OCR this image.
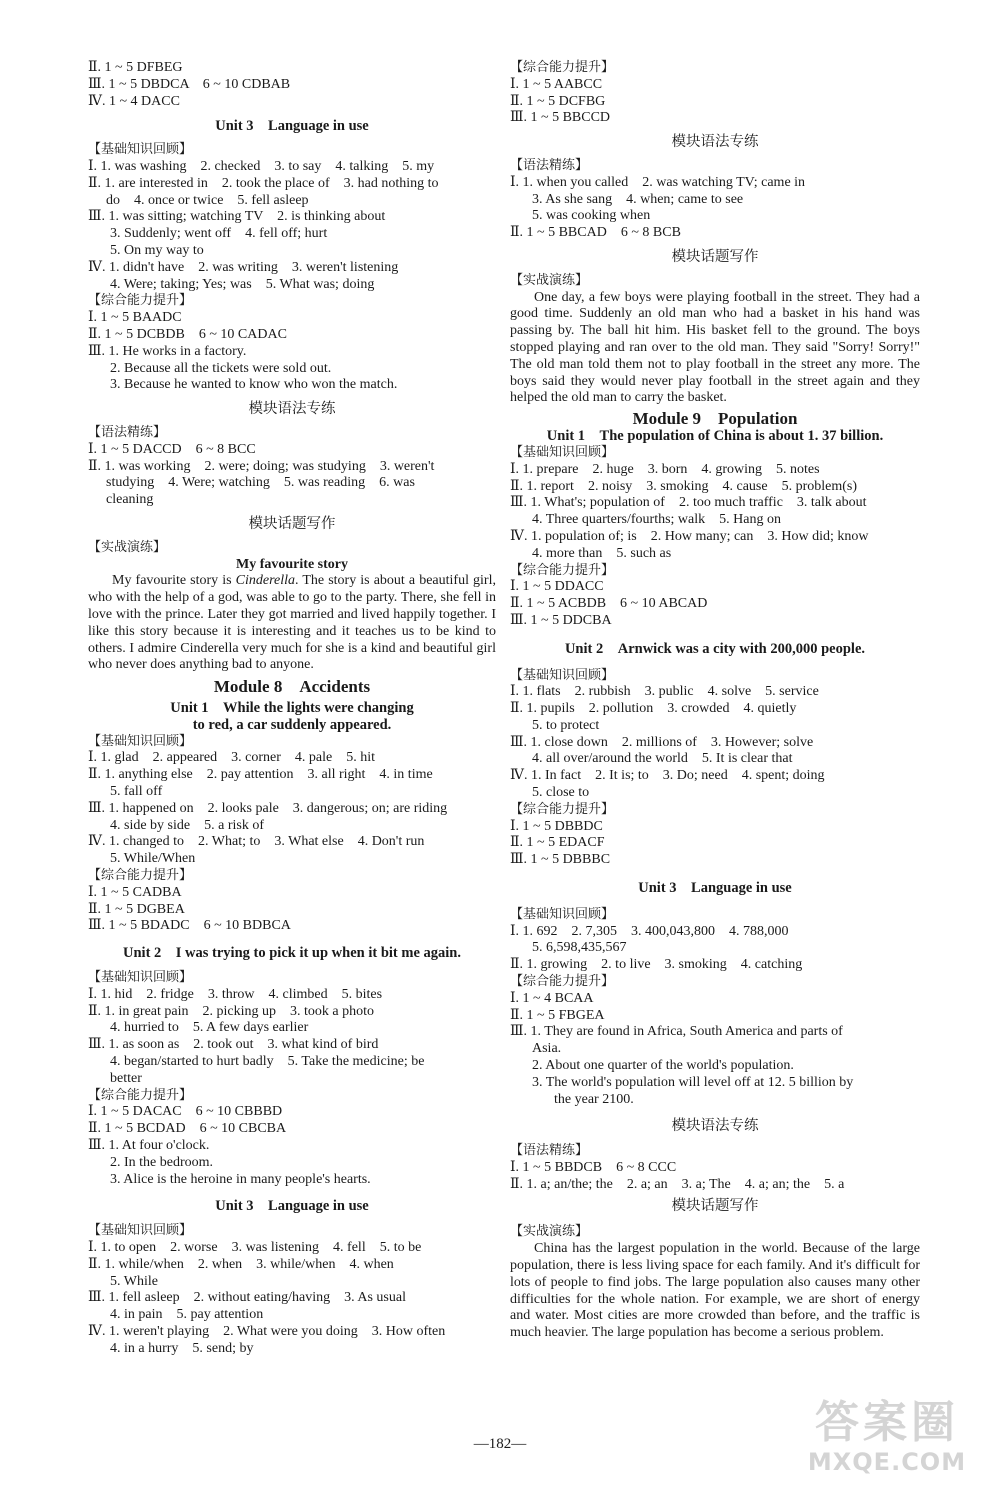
Ⅱ. 1 ~ 5 DFBEG
Ⅲ. 1 ~ 5 DBDCA　6 ~ 10 CDBAB
Ⅳ. 1 ~ 4 DACC
Unit 3　Language in use
【基础知识回顾】
Ⅰ. 1. was washing　2. checked　3. to say　4. talking　5. my
Ⅱ. 1. are interested in　2. took the place of　3. had nothing to
do　4. once or twice　5. fell asleep
Ⅲ. 1. was sitting; watching TV　2. is thinking about
3. Suddenly; went off　4. fell off; hurt
5. On my way to
Ⅳ. 1. didn't have　2. was writing　3. weren't listening
4. Were; taking; Yes; was　5. What was; doing
【综合能力提升】
Ⅰ. 1 ~ 5 BAADC
Ⅱ. 1 ~ 5 DCBDB　6 ~ 10 CADAC
Ⅲ. 1. He works in a factory.
2. Because all the tickets were sold out.
3. Because he wanted to know who won the match.
模块语法专练
【语法精练】
Ⅰ. 1 ~ 5 DACCD　6 ~ 8 BCC
Ⅱ. 1. was working　2. were; doing; was studying　3. weren't
studying　4. Were; watching　5. was reading　6. was
cleaning
模块话题写作
【实战演练】
My favourite story
My favourite story is Cinderella. The story is about a beautiful girl, who with the help of a god, was able to go to the party. There, she fell in love with the prince. Later they got married and lived happily together. I like this story because it is interesting and it teaches us to be kind to others. I admire Cinderella very much for she is a kind and beautiful girl who never does anything bad to anyone.
Module 8　Accidents
Unit 1　While the lights were changing
to red, a car suddenly appeared.
【基础知识回顾】
Ⅰ. 1. glad　2. appeared　3. corner　4. pale　5. hit
Ⅱ. 1. anything else　2. pay attention　3. all right　4. in time
5. fall off
Ⅲ. 1. happened on　2. looks pale　3. dangerous; on; are riding
4. side by side　5. a risk of
Ⅳ. 1. changed to　2. What; to　3. What else　4. Don't run
5. While/When
【综合能力提升】
Ⅰ. 1 ~ 5 CADBA
Ⅱ. 1 ~ 5 DGBEA
Ⅲ. 1 ~ 5 BDADC　6 ~ 10 BDBCA
Unit 2　I was trying to pick it up when it bit me again.
【基础知识回顾】
Ⅰ. 1. hid　2. fridge　3. throw　4. climbed　5. bites
Ⅱ. 1. in great pain　2. picking up　3. took a photo
4. hurried to　5. A few days earlier
Ⅲ. 1. as soon as　2. took out　3. what kind of bird
4. began/started to hurt badly　5. Take the medicine; be
better
【综合能力提升】
Ⅰ. 1 ~ 5 DACAC　6 ~ 10 CBBBD
Ⅱ. 1 ~ 5 BCDAD　6 ~ 10 CBCBA
Ⅲ. 1. At four o'clock.
2. In the bedroom.
3. Alice is the heroine in many people's hearts.
Unit 3　Language in use
【基础知识回顾】
Ⅰ. 1. to open　2. worse　3. was listening　4. fell　5. to be
Ⅱ. 1. while/when　2. when　3. while/when　4. when
5. While
Ⅲ. 1. fell asleep　2. without eating/having　3. As usual
4. in pain　5. pay attention
Ⅳ. 1. weren't playing　2. What were you doing　3. How often
4. in a hurry　5. send; by
【综合能力提升】
Ⅰ. 1 ~ 5 AABCC
Ⅱ. 1 ~ 5 DCFBG
Ⅲ. 1 ~ 5 BBCCD
模块语法专练
【语法精练】
Ⅰ. 1. when you called　2. was watching TV; came in
3. As she sang　4. when; came to see
5. was cooking when
Ⅱ. 1 ~ 5 BBCAD　6 ~ 8 BCB
模块话题写作
【实战演练】
One day, a few boys were playing football in the street. They had a good time. Suddenly an old man who had a basket in his hand was passing by. The ball hit him. His basket fell to the ground. The boys stopped playing and ran over to the old man. They said "Sorry! Sorry!" The old man told them not to play football in the street any more. The boys said they would never play football in the street again and they helped the old man to carry the basket.
Module 9　Population
Unit 1　The population of China is about 1. 37 billion.
【基础知识回顾】
Ⅰ. 1. prepare　2. huge　3. born　4. growing　5. notes
Ⅱ. 1. report　2. noisy　3. smoking　4. cause　5. problem(s)
Ⅲ. 1. What's; population of　2. too much traffic　3. talk about
4. Three quarters/fourths; walk　5. Hang on
Ⅳ. 1. population of; is　2. How many; can　3. How did; know
4. more than　5. such as
【综合能力提升】
Ⅰ. 1 ~ 5 DDACC
Ⅱ. 1 ~ 5 ACBDB　6 ~ 10 ABCAD
Ⅲ. 1 ~ 5 DDCBA
Unit 2　Arnwick was a city with 200,000 people.
【基础知识回顾】
Ⅰ. 1. flats　2. rubbish　3. public　4. solve　5. service
Ⅱ. 1. pupils　2. pollution　3. crowded　4. quietly
5. to protect
Ⅲ. 1. close down　2. millions of　3. However; solve
4. all over/around the world　5. It is clear that
Ⅳ. 1. In fact　2. It is; to　3. Do; need　4. spent; doing
5. close to
【综合能力提升】
Ⅰ. 1 ~ 5 DBBDC
Ⅱ. 1 ~ 5 EDACF
Ⅲ. 1 ~ 5 DBBBC
Unit 3　Language in use
【基础知识回顾】
Ⅰ. 1. 692　2. 7,305　3. 400,043,800　4. 788,000
5. 6,598,435,567
Ⅱ. 1. growing　2. to live　3. smoking　4. catching
【综合能力提升】
Ⅰ. 1 ~ 4 BCAA
Ⅱ. 1 ~ 5 FBGEA
Ⅲ. 1. They are found in Africa, South America and parts of
Asia.
2. About one quarter of the world's population.
3. The world's population will level off at 12. 5 billion by
the year 2100.
模块语法专练
【语法精练】
Ⅰ. 1 ~ 5 BBDCB　6 ~ 8 CCC
Ⅱ. 1. a; an/the; the　2. a; an　3. a; The　4. a; an; the　5. a
模块话题写作
【实战演练】
China has the largest population in the world. Because of the large population, there is less living space for each family. And it's difficult for lots of people to find jobs. The large population also causes many other difficulties for the whole nation. For example, we are short of energy and water. Most cities are more crowded than before, and the traffic is much heavier. The large population has become a serious problem.
—182—	答案圈
MXQE.COM
